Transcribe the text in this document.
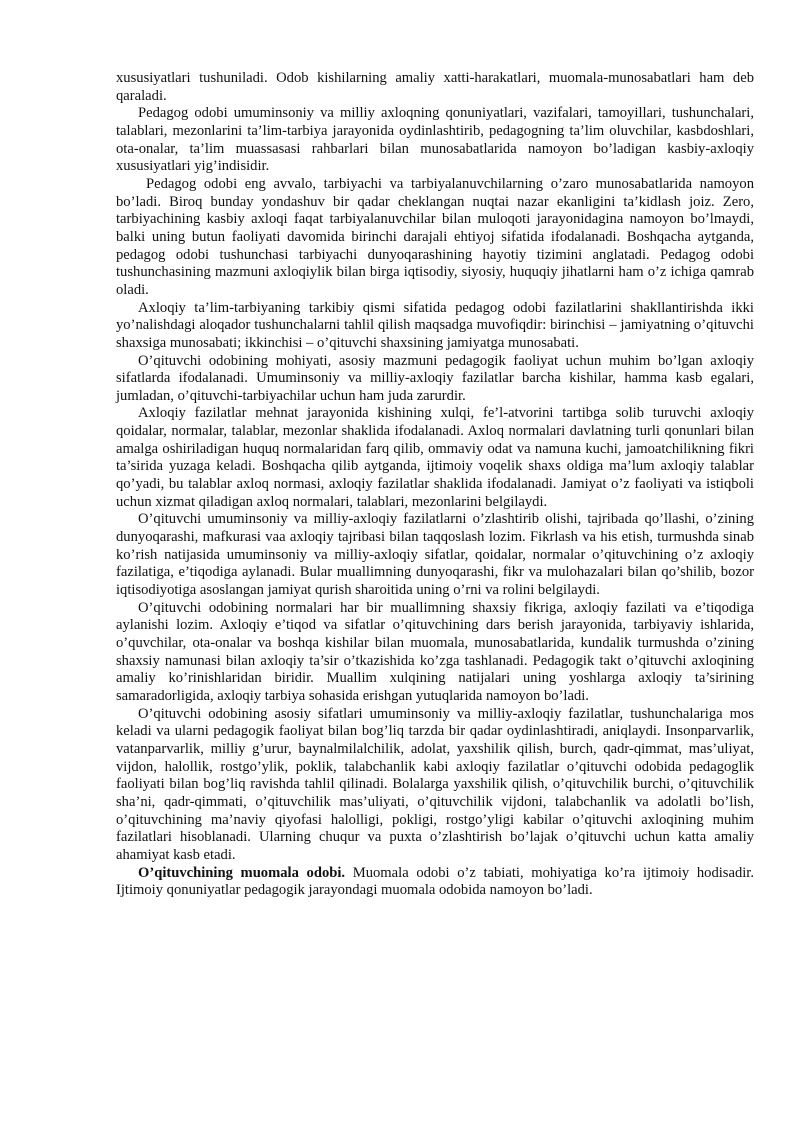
xususiyatlari tushuniladi. Odob kishilarning amaliy xatti-harakatlari, muomala-munosabatlari ham deb qaraladi.

Pedagog odobi umuminsoniy va milliy axloqning qonuniyatlari, vazifalari, tamoyillari, tushunchalari, talablari, mezonlarini ta’lim-tarbiya jarayonida oydinlashtirib, pedagogning ta’lim oluvchilar, kasbdoshlari, ota-onalar, ta’lim muassasasi rahbarlari bilan munosabatlarida namoyon bo’ladigan kasbiy-axloqiy xususiyatlari yig’indisidir.

Pedagog odobi eng avvalo, tarbiyachi va tarbiyalanuvchilarning o’zaro munosabatlarida namoyon bo’ladi. Biroq bunday yondashuv bir qadar cheklangan nuqtai nazar ekanligini ta’kidlash joiz. Zero, tarbiyachining kasbiy axloqi faqat tarbiyalanuvchilar bilan muloqoti jarayonidagina namoyon bo’lmaydi, balki uning butun faoliyati davomida birinchi darajali ehtiyoj sifatida ifodalanadi. Boshqacha aytganda, pedagog odobi tushunchasi tarbiyachi dunyoqarashining hayotiy tizimini anglatadi. Pedagog odobi tushunchasining mazmuni axloqiylik bilan birga iqtisodiy, siyosiy, huquqiy jihatlarni ham o’z ichiga qamrab oladi.

Axloqiy ta’lim-tarbiyaning tarkibiy qismi sifatida pedagog odobi fazilatlarini shakllantirishda ikki yo’nalishdagi aloqador tushunchalarni tahlil qilish maqsadga muvofiqdir: birinchisi – jamiyatning o’qituvchi shaxsiga munosabati; ikkinchisi – o’qituvchi shaxsining jamiyatga munosabati.

O’qituvchi odobining mohiyati, asosiy mazmuni pedagogik faoliyat uchun muhim bo’lgan axloqiy sifatlarda ifodalanadi. Umuminsoniy va milliy-axloqiy fazilatlar barcha kishilar, hamma kasb egalari, jumladan, o’qituvchi-tarbiyachilar uchun ham juda zarurdir.

Axloqiy fazilatlar mehnat jarayonida kishining xulqi, fe’l-atvorini tartibga solib turuvchi axloqiy qoidalar, normalar, talablar, mezonlar shaklida ifodalanadi. Axloq normalari davlatning turli qonunlari bilan amalga oshiriladigan huquq normalaridan farq qilib, ommaviy odat va namuna kuchi, jamoatchilikning fikri ta’sirida yuzaga keladi. Boshqacha qilib aytganda, ijtimoiy voqelik shaxs oldiga ma’lum axloqiy talablar qo’yadi, bu talablar axloq normasi, axloqiy fazilatlar shaklida ifodalanadi. Jamiyat o’z faoliyati va istiqboli uchun xizmat qiladigan axloq normalari, talablari, mezonlarini belgilaydi.

O’qituvchi umuminsoniy va milliy-axloqiy fazilatlarni o’zlashtirib olishi, tajribada qo’llashi, o’zining dunyoqarashi, mafkurasi vaa axloqiy tajribasi bilan taqqoslash lozim. Fikrlash va his etish, turmushda sinab ko’rish natijasida umuminsoniy va milliy-axloqiy sifatlar, qoidalar, normalar o’qituvchining o’z axloqiy fazilatiga, e’tiqodiga aylanadi. Bular muallimning dunyoqarashi, fikr va mulohazalari bilan qo’shilib, bozor iqtisodiyotiga asoslangan jamiyat qurish sharoitida uning o’rni va rolini belgilaydi.

O’qituvchi odobining normalari har bir muallimning shaxsiy fikriga, axloqiy fazilati va e’tiqodiga aylanishi lozim. Axloqiy e’tiqod va sifatlar o’qituvchining dars berish jarayonida, tarbiyaviy ishlarida, o’quvchilar, ota-onalar va boshqa kishilar bilan muomala, munosabatlarida, kundalik turmushda o’zining shaxsiy namunasi bilan axloqiy ta’sir o’tkazishida ko’zga tashlanadi. Pedagogik takt o’qituvchi axloqining amaliy ko’rinishlaridan biridir. Muallim xulqining natijalari uning yoshlarga axloqiy ta’sirining samaradorligida, axloqiy tarbiya sohasida erishgan yutuqlarida namoyon bo’ladi.

O’qituvchi odobining asosiy sifatlari umuminsoniy va milliy-axloqiy fazilatlar, tushunchalariga mos keladi va ularni pedagogik faoliyat bilan bog’liq tarzda bir qadar oydinlashtiradi, aniqlaydi. Insonparvarlik, vatanparvarlik, milliy g’urur, baynalmilalchilik, adolat, yaxshilik qilish, burch, qadr-qimmat, mas’uliyat, vijdon, halollik, rostgo’ylik, poklik, talabchanlik kabi axloqiy fazilatlar o’qituvchi odobida pedagoglik faoliyati bilan bog’liq ravishda tahlil qilinadi. Bolalarga yaxshilik qilish, o’qituvchilik burchi, o’qituvchilik sha’ni, qadr-qimmati, o’qituvchilik mas’uliyati, o’qituvchilik vijdoni, talabchanlik va adolatli bo’lish, o’qituvchining ma’naviy qiyofasi halolligi, pokligi, rostgo’yligi kabilar o’qituvchi axloqining muhim fazilatlari hisoblanadi. Ularning chuqur va puxta o’zlashtirish bo’lajak o’qituvchi uchun katta amaliy ahamiyat kasb etadi.

O’qituvchining muomala odobi. Muomala odobi o’z tabiati, mohiyatiga ko’ra ijtimoiy hodisadir. Ijtimoiy qonuniyatlar pedagogik jarayondagi muomala odobida namoyon bo’ladi.
